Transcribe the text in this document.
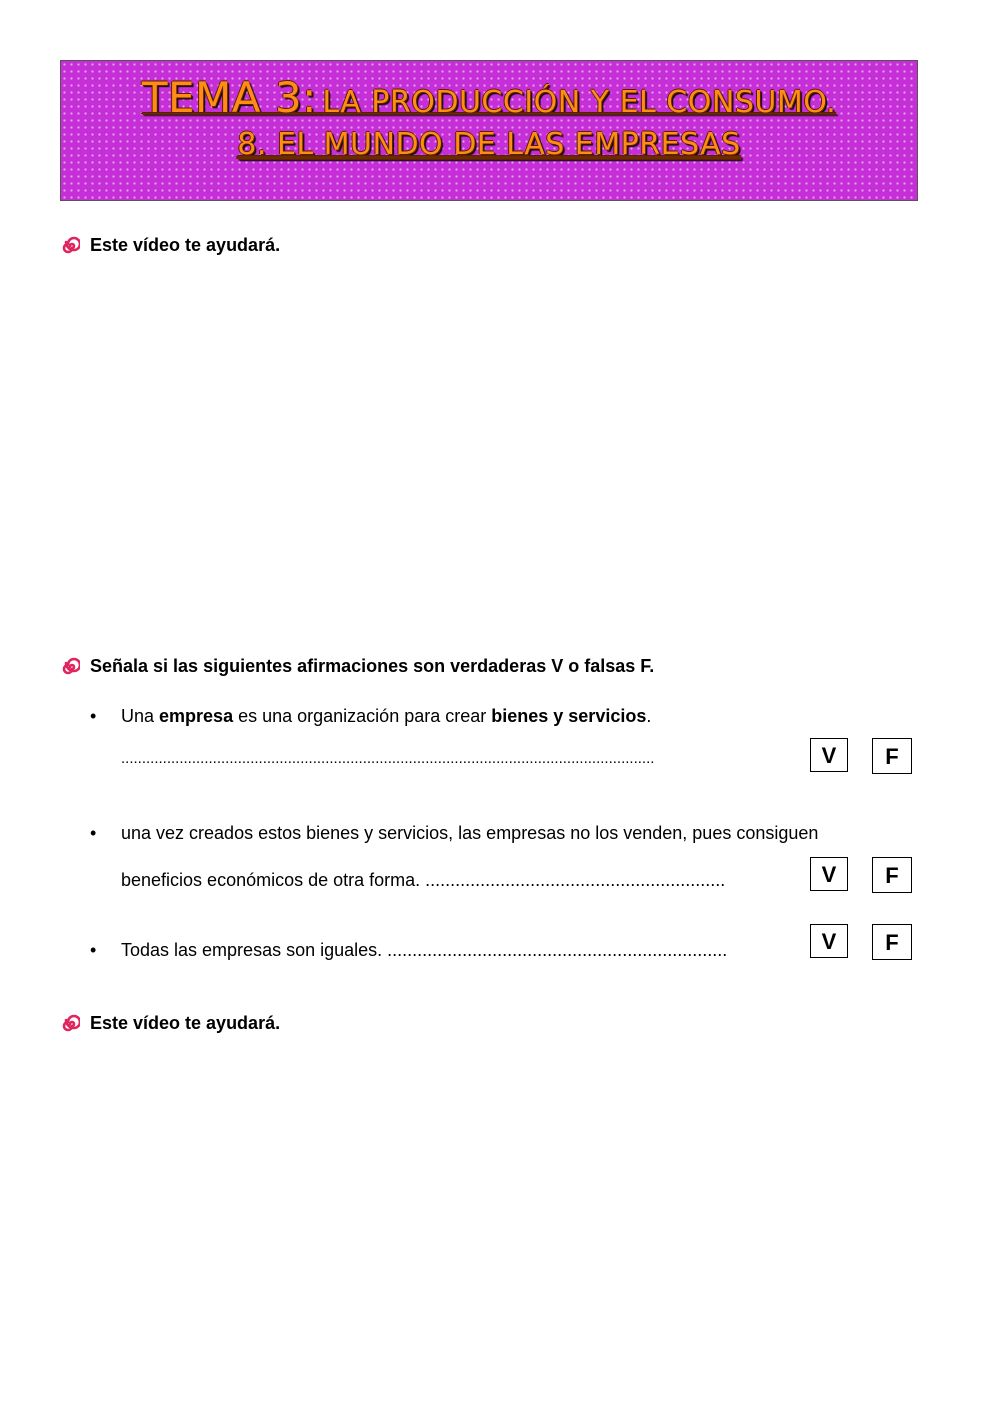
TEMA 3: LA PRODUCCIÓN Y EL CONSUMO.
8. EL MUNDO DE LAS EMPRESAS
Este vídeo te ayudará.
Señala si las siguientes afirmaciones son verdaderas V o falsas F.
• Una empresa es una organización para crear bienes y servicios.
................................................................................................................................	V	F
• una vez creados estos bienes y servicios, las empresas no los venden, pues consiguen
beneficios económicos de otra forma. ............................................................	V	F
• Todas las empresas son iguales. ....................................................................	V	F
Este vídeo te ayudará.
